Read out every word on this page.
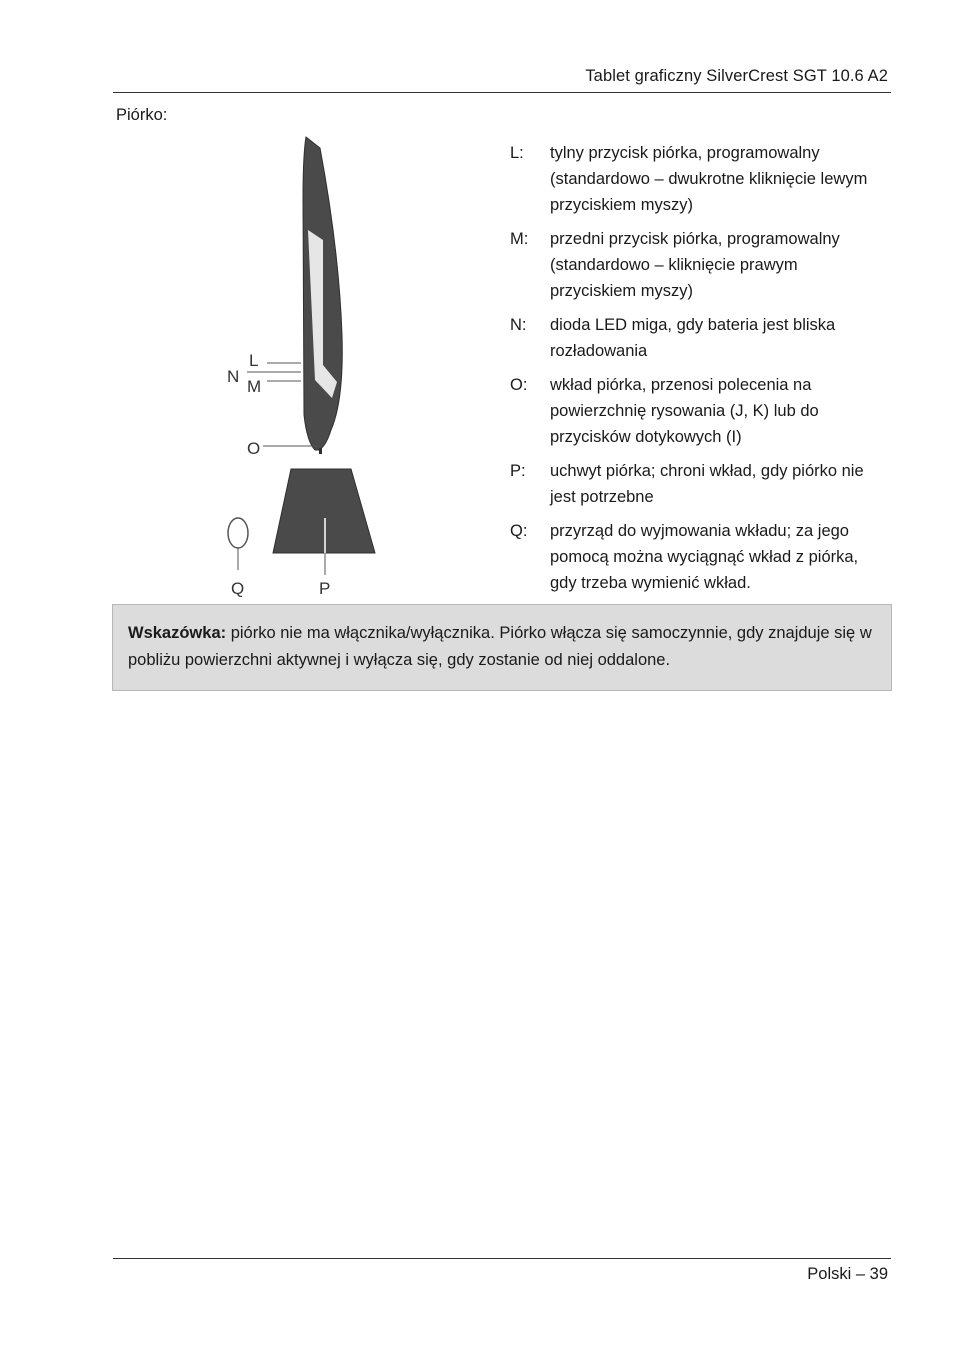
Tablet graficzny SilverCrest SGT 10.6 A2
Piórko:
L
N
M
O
P
Q
L:	tylny przycisk piórka, programowalny (standardowo – dwukrotne kliknięcie lewym przyciskiem myszy)
M:	przedni przycisk piórka, programowalny (standardowo – kliknięcie prawym przyciskiem myszy)
N:	dioda LED miga, gdy bateria jest bliska rozładowania
O:	wkład piórka, przenosi polecenia na powierzchnię rysowania (J, K) lub do przycisków dotykowych (I)
P:	uchwyt piórka; chroni wkład, gdy piórko nie jest potrzebne
Q:	przyrząd do wyjmowania wkładu; za jego pomocą można wyciągnąć wkład z piórka, gdy trzeba wymienić wkład.
Wskazówka: piórko nie ma włącznika/wyłącznika. Piórko włącza się samoczynnie, gdy znajduje się w pobliżu powierzchni aktywnej i wyłącza się, gdy zostanie od niej oddalone.
Polski – 39
